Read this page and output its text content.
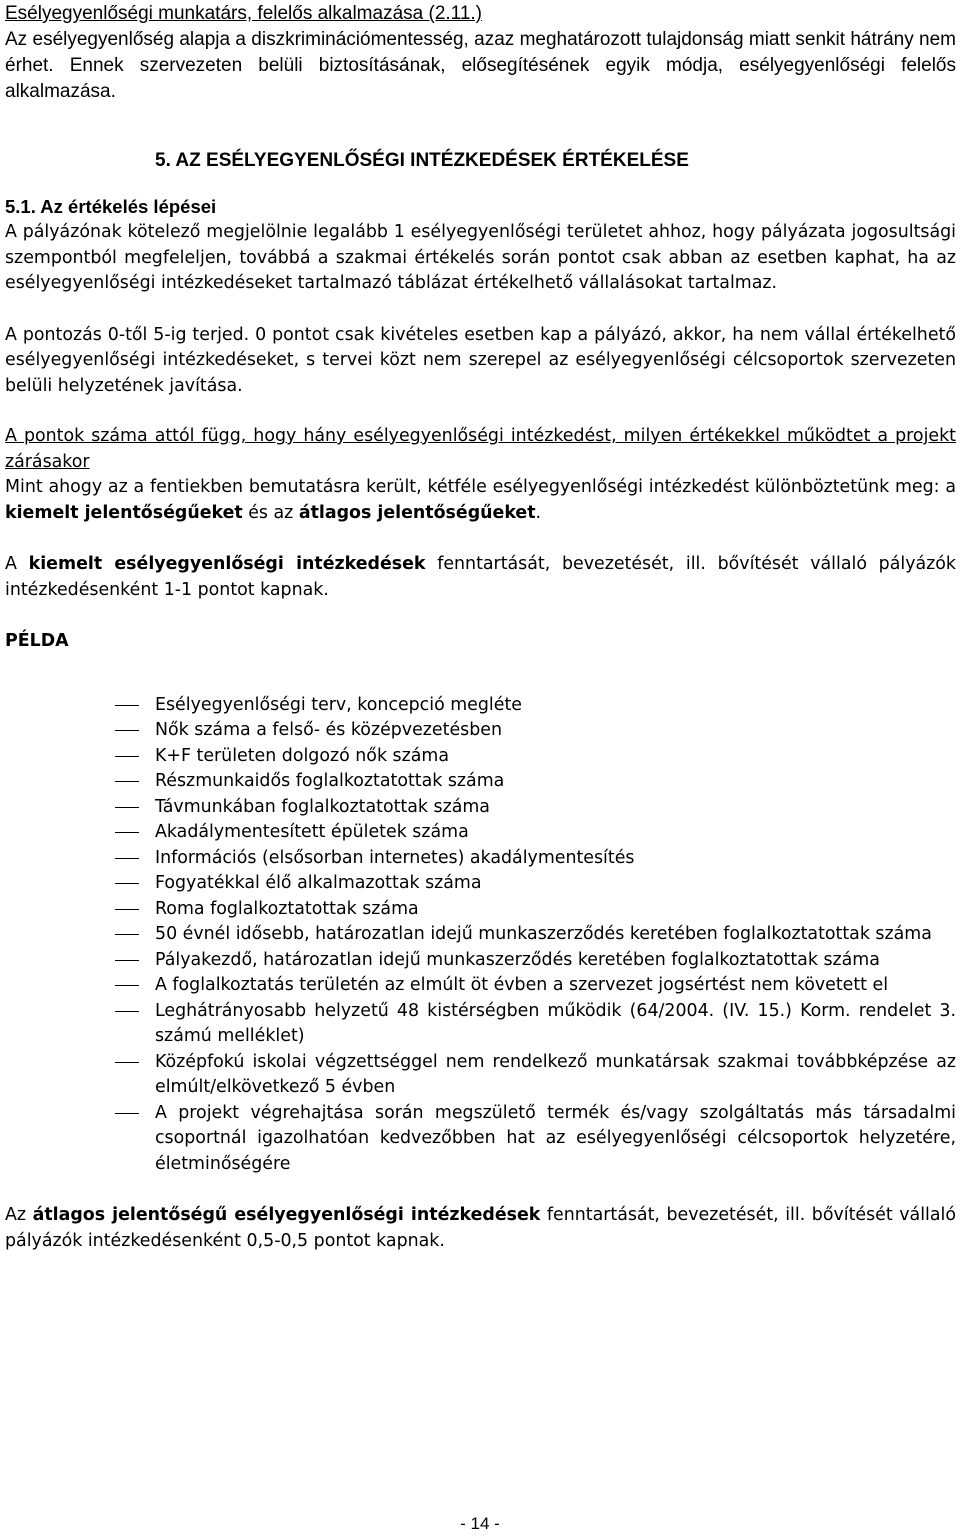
Esélyegyenlőségi munkatárs, felelős alkalmazása (2.11.)

Az esélyegyenlőség alapja a diszkriminációmentesség, azaz meghatározott tulajdonság miatt senkit hátrány nem érhet. Ennek szervezeten belüli biztosításának, elősegítésének egyik módja, esélyegyenlőségi felelős alkalmazása.

5. AZ ESÉLYEGYENLŐSÉGI INTÉZKEDÉSEK ÉRTÉKELÉSE
5.1. Az értékelés lépései

A pályázónak kötelező megjelölnie legalább 1 esélyegyenlőségi területet ahhoz, hogy pályázata jogosultsági szempontból megfeleljen, továbbá a szakmai értékelés során pontot csak abban az esetben kaphat, ha az esélyegyenlőségi intézkedéseket tartalmazó táblázat értékelhető vállalásokat tartalmaz.

A pontozás 0-től 5-ig terjed. 0 pontot csak kivételes esetben kap a pályázó, akkor, ha nem vállal értékelhető esélyegyenlőségi intézkedéseket, s tervei közt nem szerepel az esélyegyenlőségi célcsoportok szervezeten belüli helyzetének javítása.

A pontok száma attól függ, hogy hány esélyegyenlőségi intézkedést, milyen értékekkel működtet a projekt zárásakor

Mint ahogy az a fentiekben bemutatásra került, kétféle esélyegyenlőségi intézkedést különböztetünk meg: a kiemelt jelentőségűeket és az átlagos jelentőségűeket.

A kiemelt esélyegyenlőségi intézkedések fenntartását, bevezetését, ill. bővítését vállaló pályázók intézkedésenként 1-1 pontot kapnak.

PÉLDA

Esélyegyenlőségi terv, koncepció megléte
Nők száma a felső- és középvezetésben
K+F területen dolgozó nők száma
Részmunkaidős foglalkoztatottak száma
Távmunkában foglalkoztatottak száma
Akadálymentesített épületek száma
Információs (elsősorban internetes) akadálymentesítés
Fogyatékkal élő alkalmazottak száma
Roma foglalkoztatottak száma
50 évnél idősebb, határozatlan idejű munkaszerződés keretében foglalkoztatottak száma
Pályakezdő, határozatlan idejű munkaszerződés keretében foglalkoztatottak száma
A foglalkoztatás területén az elmúlt öt évben a szervezet jogsértést nem követett el
Leghátrányosabb helyzetű 48 kistérségben működik (64/2004. (IV. 15.) Korm. rendelet 3. számú melléklet)
Középfokú iskolai végzettséggel nem rendelkező munkatársak szakmai továbbképzése az elmúlt/elkövetkező 5 évben
A projekt végrehajtása során megszülető termék és/vagy szolgáltatás más társadalmi csoportnál igazolhatóan kedvezőbben hat az esélyegyenlőségi célcsoportok helyzetére, életminőségére

Az átlagos jelentőségű esélyegyenlőségi intézkedések fenntartását, bevezetését, ill. bővítését vállaló pályázók intézkedésenként 0,5-0,5 pontot kapnak.

- 14 -
